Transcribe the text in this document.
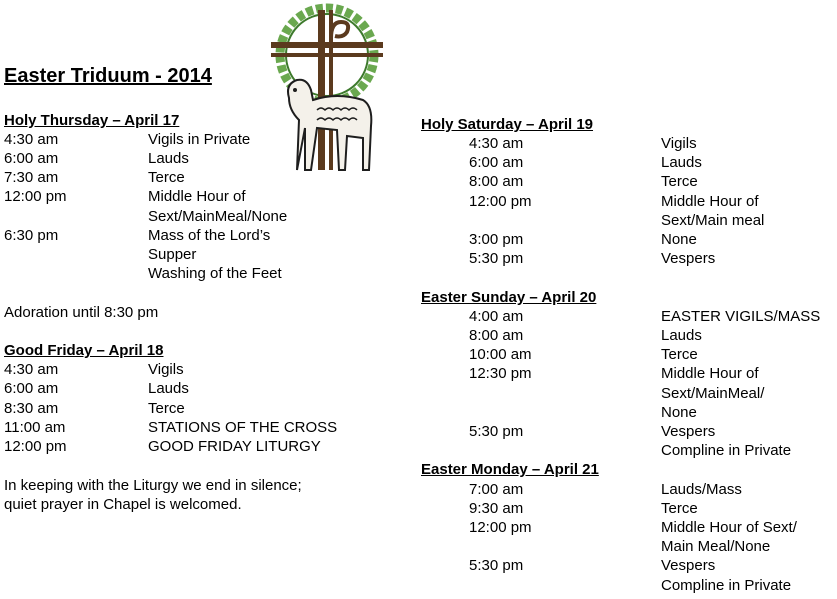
Easter Triduum - 2014
Holy Thursday – April 17
4:30 am	Vigils in Private
6:00 am	Lauds
7:30 am	Terce
12:00 pm	Middle Hour of
Sext/MainMeal/None
6:30 pm	Mass of the Lord’s
Supper
Washing of the Feet
Adoration until 8:30 pm
Good Friday – April 18
4:30 am	Vigils
6:00 am	Lauds
8:30 am	Terce
11:00 am	STATIONS OF THE CROSS
12:00 pm	GOOD FRIDAY LITURGY
In keeping with the Liturgy we end in silence;
quiet prayer in Chapel is welcomed.
Holy Saturday – April 19
4:30 am	Vigils
6:00 am	Lauds
8:00 am	Terce
12:00 pm	Middle Hour of
Sext/Main meal
3:00 pm	None
5:30 pm	Vespers
Easter Sunday – April 20
4:00 am	EASTER VIGILS/MASS
8:00 am	Lauds
10:00 am	Terce
12:30 pm	Middle Hour of
Sext/MainMeal/
None
5:30 pm	Vespers
Compline in Private
Easter Monday – April 21
7:00 am	Lauds/Mass
9:30 am	Terce
12:00 pm	Middle Hour of Sext/
Main Meal/None
5:30 pm	Vespers
Compline in Private
